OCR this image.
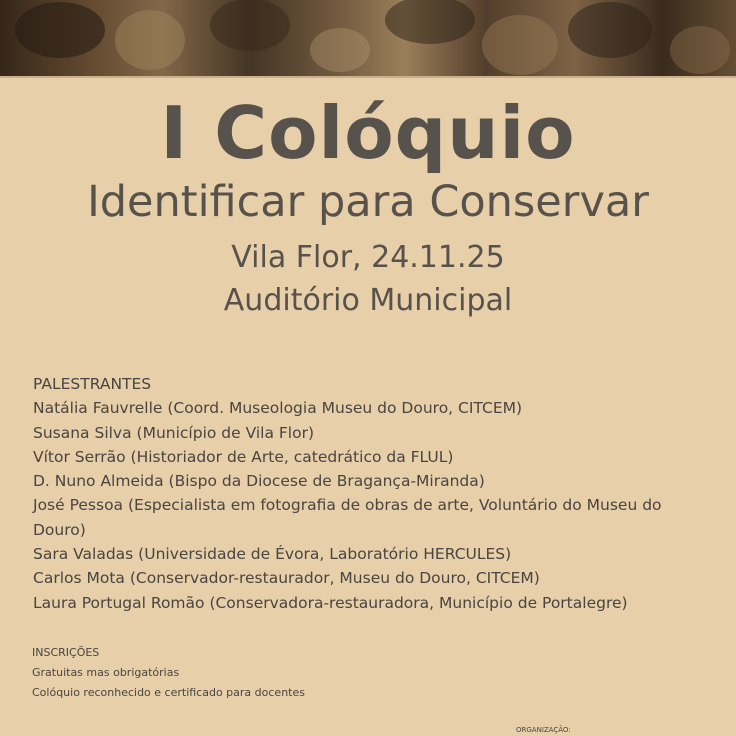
I Colóquio
Identificar para Conservar
Vila Flor, 24.11.25
Auditório Municipal
PALESTRANTES
Natália Fauvrelle (Coord. Museologia Museu do Douro, CITCEM)
Susana Silva (Município de Vila Flor)
Vítor Serrão (Historiador de Arte, catedrático da FLUL)
D. Nuno Almeida (Bispo da Diocese de Bragança-Miranda)
José Pessoa (Especialista em fotografia de obras de arte, Voluntário do Museu do
Douro)
Sara Valadas (Universidade de Évora, Laboratório HERCULES)
Carlos Mota (Conservador-restaurador, Museu do Douro, CITCEM)
Laura Portugal Romão (Conservadora-restauradora, Município de Portalegre)
INSCRIÇÕES
Gratuitas mas obrigatórias
Colóquio reconhecido e certificado para docentes
ORGANIZAÇÃO:
